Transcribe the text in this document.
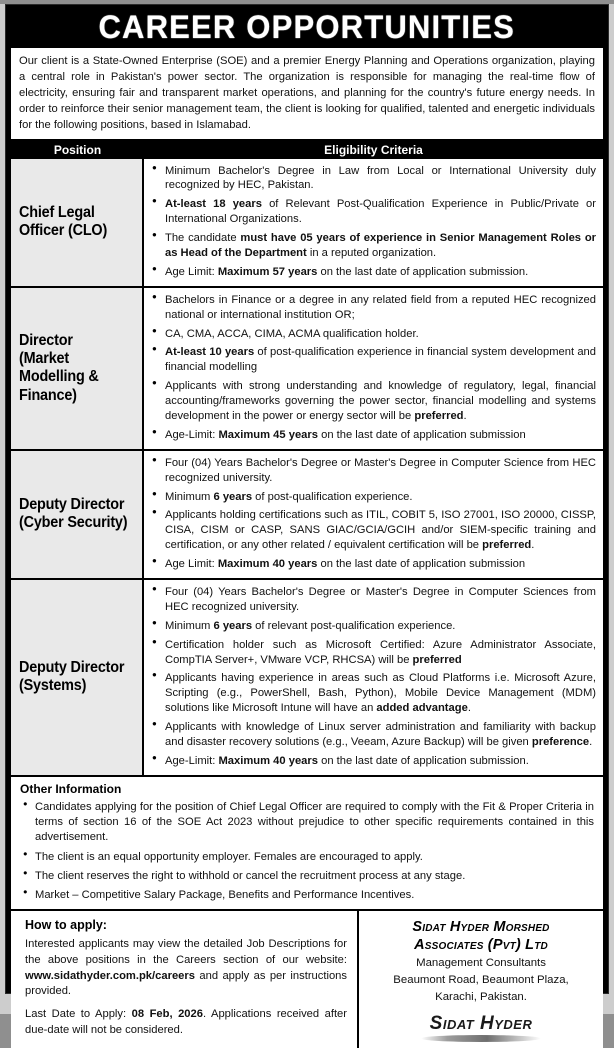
CAREER OPPORTUNITIES
Our client is a State-Owned Enterprise (SOE) and a premier Energy Planning and Operations organization, playing a central role in Pakistan's power sector. The organization is responsible for managing the real-time flow of electricity, ensuring fair and transparent market operations, and planning for the country's future energy needs. In order to reinforce their senior management team, the client is looking for qualified, talented and energetic individuals for the following positions, based in Islamabad.
Position	Eligibility Criteria
Chief Legal
Officer (CLO)
● Minimum Bachelor's Degree in Law from Local or International University duly recognized by HEC, Pakistan.
● At-least 18 years of Relevant Post-Qualification Experience in Public/Private or International Organizations.
● The candidate must have 05 years of experience in Senior Management Roles or as Head of the Department in a reputed organization.
● Age Limit: Maximum 57 years on the last date of application submission.
Director
(Market
Modelling &
Finance)
● Bachelors in Finance or a degree in any related field from a reputed HEC recognized national or international institution OR;
● CA, CMA, ACCA, CIMA, ACMA qualification holder.
● At-least 10 years of post-qualification experience in financial system development and financial modelling
● Applicants with strong understanding and knowledge of regulatory, legal, financial accounting/frameworks governing the power sector, financial modelling and systems development in the power or energy sector will be preferred.
● Age-Limit: Maximum 45 years on the last date of application submission
Deputy Director
(Cyber Security)
● Four (04) Years Bachelor's Degree or Master's Degree in Computer Science from HEC recognized university.
● Minimum 6 years of post-qualification experience.
● Applicants holding certifications such as ITIL, COBIT 5, ISO 27001, ISO 20000, CISSP, CISA, CISM or CASP, SANS GIAC/GCIA/GCIH and/or SIEM-specific training and certification, or any other related / equivalent certification will be preferred.
● Age Limit: Maximum 40 years on the last date of application submission
Deputy Director
(Systems)
● Four (04) Years Bachelor's Degree or Master's Degree in Computer Sciences from HEC recognized university.
● Minimum 6 years of relevant post-qualification experience.
● Certification holder such as Microsoft Certified: Azure Administrator Associate, CompTIA Server+, VMware VCP, RHCSA) will be preferred
● Applicants having experience in areas such as Cloud Platforms i.e. Microsoft Azure, Scripting (e.g., PowerShell, Bash, Python), Mobile Device Management (MDM) solutions like Microsoft Intune will have an added advantage.
● Applicants with knowledge of Linux server administration and familiarity with backup and disaster recovery solutions (e.g., Veeam, Azure Backup) will be given preference.
● Age-Limit: Maximum 40 years on the last date of application submission.
Other Information
● Candidates applying for the position of Chief Legal Officer are required to comply with the Fit & Proper Criteria in terms of section 16 of the SOE Act 2023 without prejudice to other specific requirements contained in this advertisement.
● The client is an equal opportunity employer. Females are encouraged to apply.
● The client reserves the right to withhold or cancel the recruitment process at any stage.
● Market – Competitive Salary Package, Benefits and Performance Incentives.
How to apply:

Interested applicants may view the detailed Job Descriptions for the above positions in the Careers section of our website: www.sidathyder.com.pk/careers and apply as per instructions provided.

Last Date to Apply: 08 Feb, 2026. Applications received after due-date will not be considered.

Sidat Hyder Morshed
Associates (Pvt) Ltd
Management Consultants
Beaumont Road, Beaumont Plaza,
Karachi, Pakistan.
Sidat Hyder
